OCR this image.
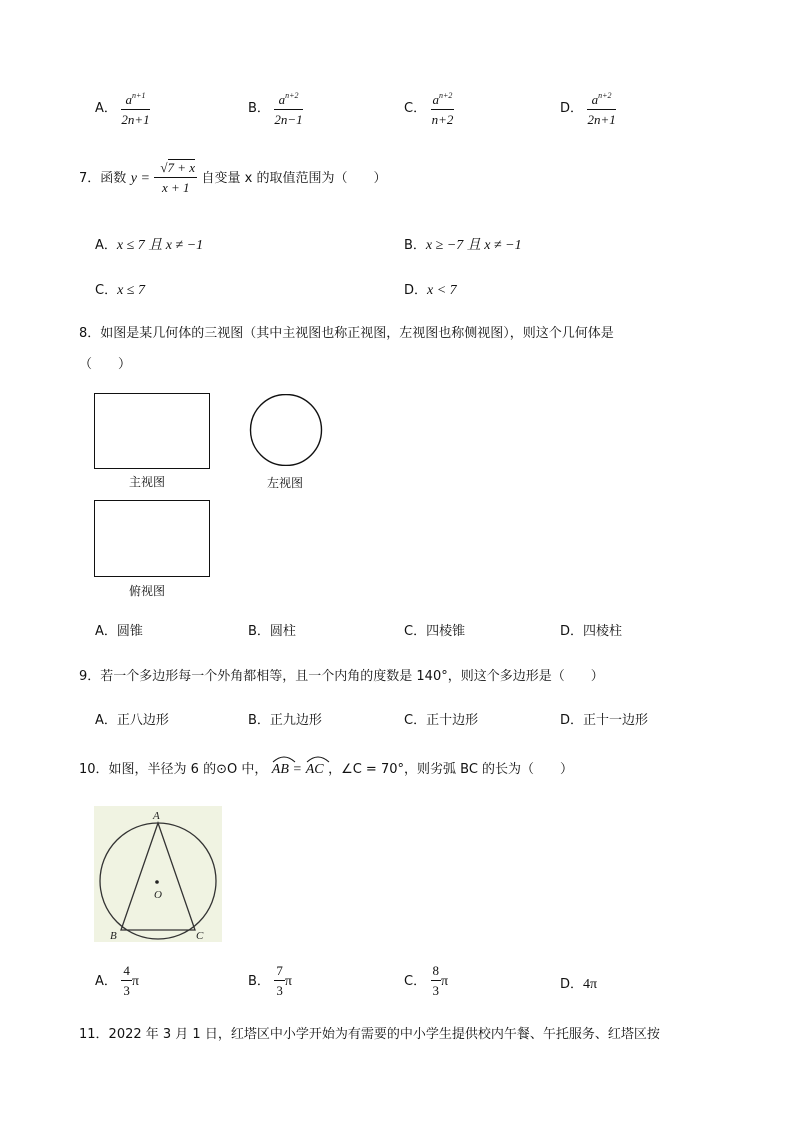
A． $\frac{a^{n+1}}{2n+1}$	B． $\frac{a^{n+2}}{2n-1}$	C． $\frac{a^{n+2}}{n+2}$	D． $\frac{a^{n+2}}{2n+1}$
7．函数 $y = \frac{√7 + x}{x + 1}$ 自变量 x 的取值范围为（　　）
A．x ≤ 7 且 x ≠ −1	B．x ≥ −7 且 x ≠ −1
C．x ≤ 7	D．x < 7
8．如图是某几何体的三视图（其中主视图也称正视图，左视图也称侧视图），则这个几何体是
（　　）
主视图	左视图
俯视图
A．圆锥	B．圆柱	C．四棱锥	D．四棱柱
9．若一个多边形每一个外角都相等，且一个内角的度数是 140°，则这个多边形是（　　）
A．正八边形	B．正九边形	C．正十边形	D．正十一边形
10．如图，半径为 6 的⊙O 中， AB = AC ，∠C = 70°，则劣弧 BC 的长为（　　）
A
O
B	C
A． $\frac{4}{3}$ π	B． $\frac{7}{3}$ π	C． $\frac{8}{3}$ π	D．4π
11．2022 年 3 月 1 日，红塔区中小学开始为有需要的中小学生提供校内午餐、午托服务、红塔区按
